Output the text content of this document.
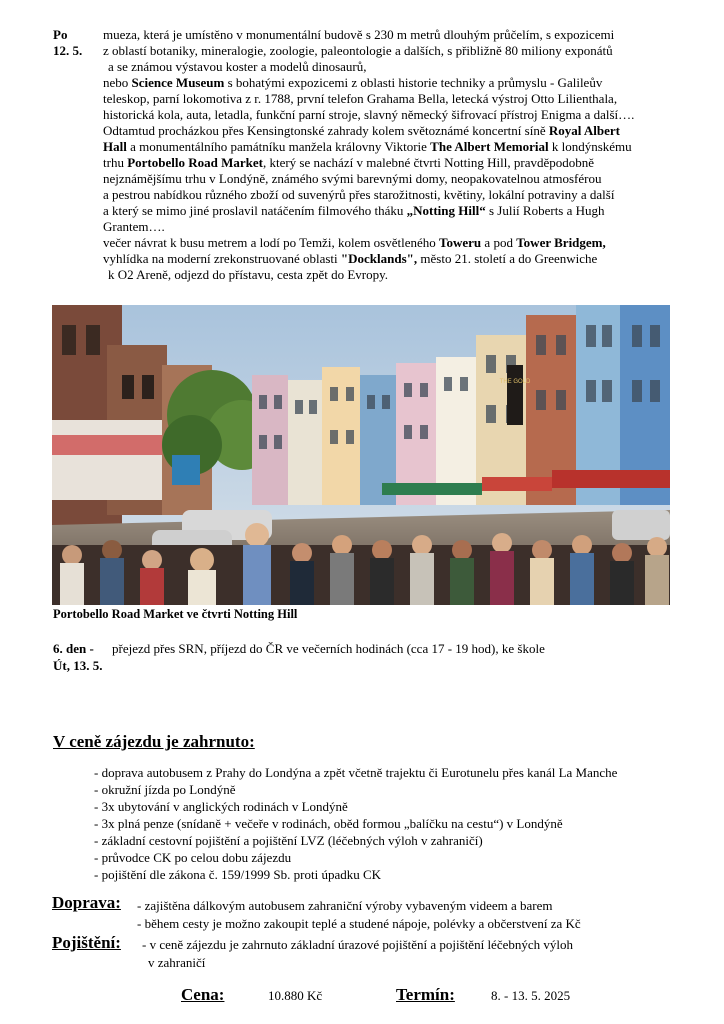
Po
12. 5.
mueza, která je umístěno v monumentální budově s 230 m metrů dlouhým průčelím, s expozicemi
z oblastí botaniky, mineralogie, zoologie, paleontologie a dalších, s přibližně 80 miliony exponátů
a se známou výstavou koster a modelů dinosaurů,
nebo Science Museum s bohatými expozicemi z oblasti historie techniky a průmyslu - Galileův
teleskop, parní lokomotiva z r. 1788, první telefon Grahama Bella, letecká výstroj Otto Lilienthala,
historická kola, auta, letadla, funkční parní stroje, slavný německý šifrovací přístroj Enigma a další….
Odtamtud procházkou přes Kensingtonské zahrady kolem světoznámé koncertní síně Royal Albert
Hall a monumentálního památníku manžela královny Viktorie The Albert Memorial k londýnskému
trhu Portobello Road Market, který se nachází v malebné čtvrti Notting Hill, pravděpodobně
nejznámějšímu trhu v Londýně, známého svými barevnými domy, neopakovatelnou atmosférou
a pestrou nabídkou různého zboží od suvenýrů přes starožitnosti, květiny, lokální potraviny a další
a který se mimo jiné proslavil natáčením filmového tháku „Notting Hill“ s Julií Roberts a Hugh
Grantem….
večer návrat k busu metrem a lodí po Temži, kolem osvětleného Toweru a pod Tower Bridgem,
vyhlídka na moderní zrekonstruované oblasti "Docklands", město 21. století a do Greenwiche
k O2 Areně, odjezd do přístavu, cesta zpět do Evropy.
THE GOLD
Portobello Road Market ve čtvrti Notting Hill
6. den -
Út, 13. 5.
přejezd přes SRN, příjezd do ČR ve večerních hodinách (cca 17 - 19 hod), ke škole
V ceně zájezdu je zahrnuto:
- doprava autobusem z Prahy do Londýna a zpět včetně trajektu či Eurotunelu přes kanál La Manche
- okružní jízda po Londýně
- 3x ubytování v anglických rodinách v Londýně
- 3x plná penze (snídaně + večeře v rodinách, oběd formou „balíčku na cestu“) v Londýně
- základní cestovní pojištění a pojištění LVZ (léčebných výloh v zahraničí)
- průvodce CK po celou dobu zájezdu
- pojištění dle zákona č. 159/1999 Sb. proti úpadku CK
Doprava: - zajištěna dálkovým autobusem zahraniční výroby vybaveným videem a barem
- během cesty je možno zakoupit teplé a studené nápoje, polévky a občerstvení za Kč
Pojištění: - v ceně zájezdu je zahrnuto základní úrazové pojištění a pojištění léčebných výloh
v zahraničí
Cena:	10.880 Kč	Termín:	8. - 13. 5. 2025
